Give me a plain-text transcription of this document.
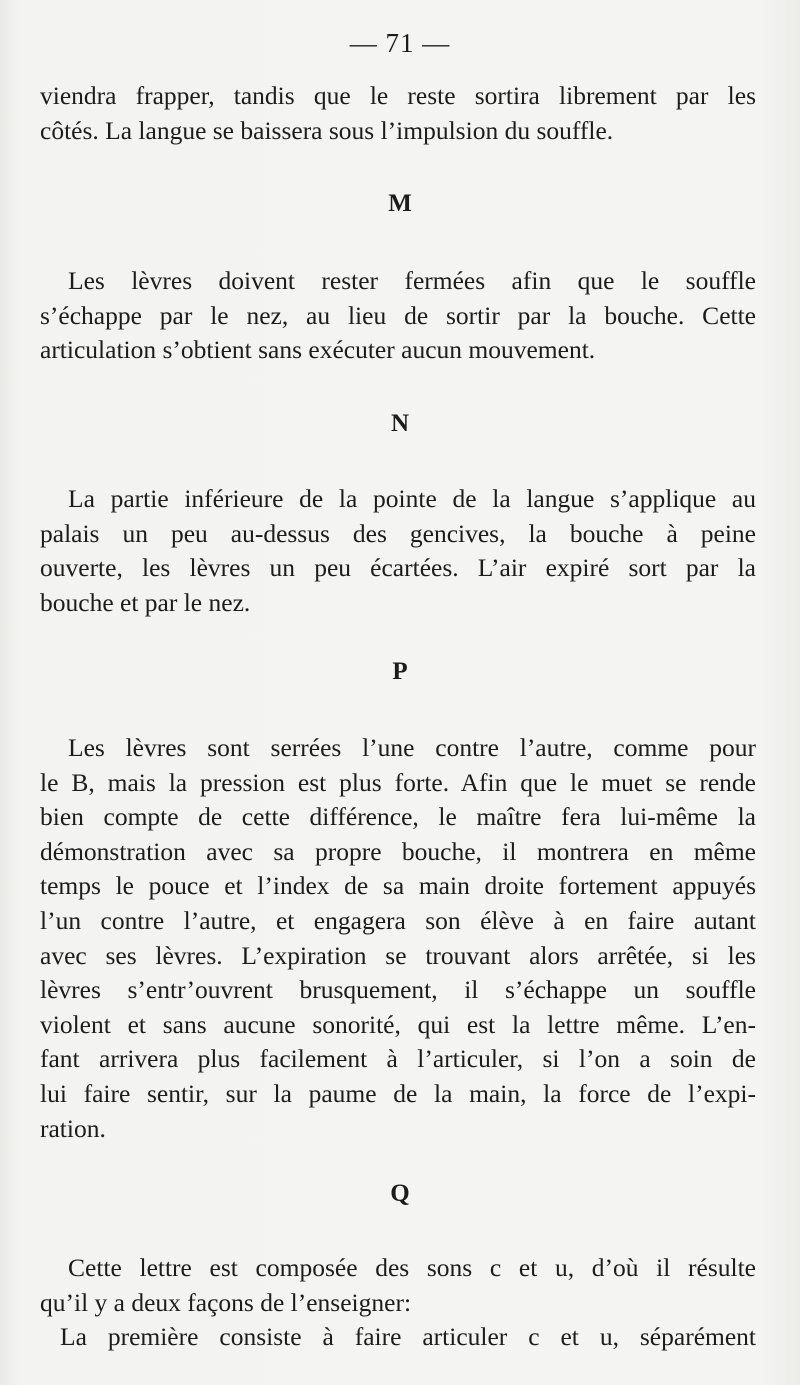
— 71 —
viendra frapper, tandis que le reste sortira librement par les
côtés. La langue se baissera sous l’impulsion du souffle.
M
Les lèvres doivent rester fermées afin que le souffle
s’échappe par le nez, au lieu de sortir par la bouche. Cette
articulation s’obtient sans exécuter aucun mouvement.
N
La partie inférieure de la pointe de la langue s’applique au
palais un peu au-dessus des gencives, la bouche à peine
ouverte, les lèvres un peu écartées. L’air expiré sort par la
bouche et par le nez.
P
Les lèvres sont serrées l’une contre l’autre, comme pour
le B, mais la pression est plus forte. Afin que le muet se rende
bien compte de cette différence, le maître fera lui-même la
démonstration avec sa propre bouche, il montrera en même
temps le pouce et l’index de sa main droite fortement appuyés
l’un contre l’autre, et engagera son élève à en faire autant
avec ses lèvres. L’expiration se trouvant alors arrêtée, si les
lèvres s’entr’ouvrent brusquement, il s’échappe un souffle
violent et sans aucune sonorité, qui est la lettre même. L’en-
fant arrivera plus facilement à l’articuler, si l’on a soin de
lui faire sentir, sur la paume de la main, la force de l’expi-
ration.
Q
Cette lettre est composée des sons c et u, d’où il résulte
qu’il y a deux façons de l’enseigner:
La première consiste à faire articuler c et u, séparément
